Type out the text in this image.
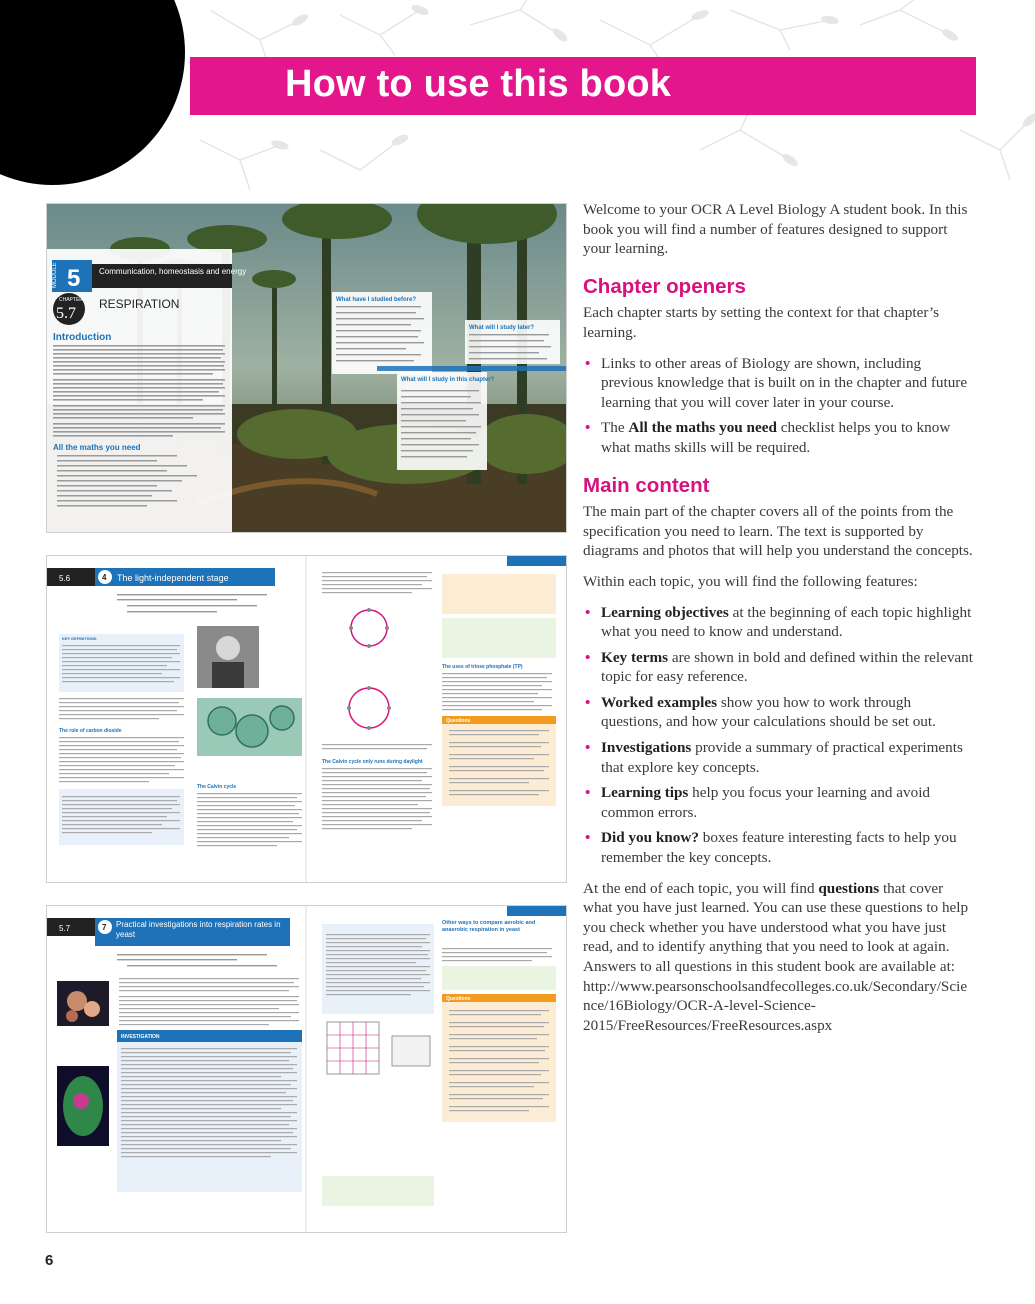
How to use this book
MODULE 5 Communication, homeostasis and energy
CHAPTER
5.7
RESPIRATION
Introduction
All the maths you need
What have I studied before?
What will I study later?
What will I study in this chapter?
5.6	4 The light-independent stage
KEY DEFINITIONS
The role of carbon dioxide
The Calvin cycle
The Calvin cycle only runs during daylight
The uses of triose phosphate (TP)
Questions
5.7	7 Practical investigations into respiration rates in yeast
INVESTIGATION
Other ways to compare aerobic and anaerobic respiration in yeast
Questions

Welcome to your OCR A Level Biology A student book. In this book you will find a number of features designed to support your learning.

Chapter openers

Each chapter starts by setting the context for that chapter’s learning.

• Links to other areas of Biology are shown, including previous knowledge that is built on in the chapter and future learning that you will cover later in your course.
• The All the maths you need checklist helps you to know what maths skills will be required.
Main content

The main part of the chapter covers all of the points from the specification you need to learn. The text is supported by diagrams and photos that will help you understand the concepts.

Within each topic, you will find the following features:

• Learning objectives at the beginning of each topic highlight what you need to know and understand.
• Key terms are shown in bold and defined within the relevant topic for easy reference.
• Worked examples show you how to work through questions, and how your calculations should be set out.
• Investigations provide a summary of practical experiments that explore key concepts.
• Learning tips help you focus your learning and avoid common errors.
• Did you know? boxes feature interesting facts to help you remember the key concepts.

At the end of each topic, you will find questions that cover what you have just learned. You can use these questions to help you check whether you have understood what you have just read, and to identify anything that you need to look at again. Answers to all questions in this student book are available at: http://www.pearsonschoolsandfecolleges.co.uk/Secondary/Science/16Biology/OCR-A-level-Science-2015/FreeResources/FreeResources.aspx

6
